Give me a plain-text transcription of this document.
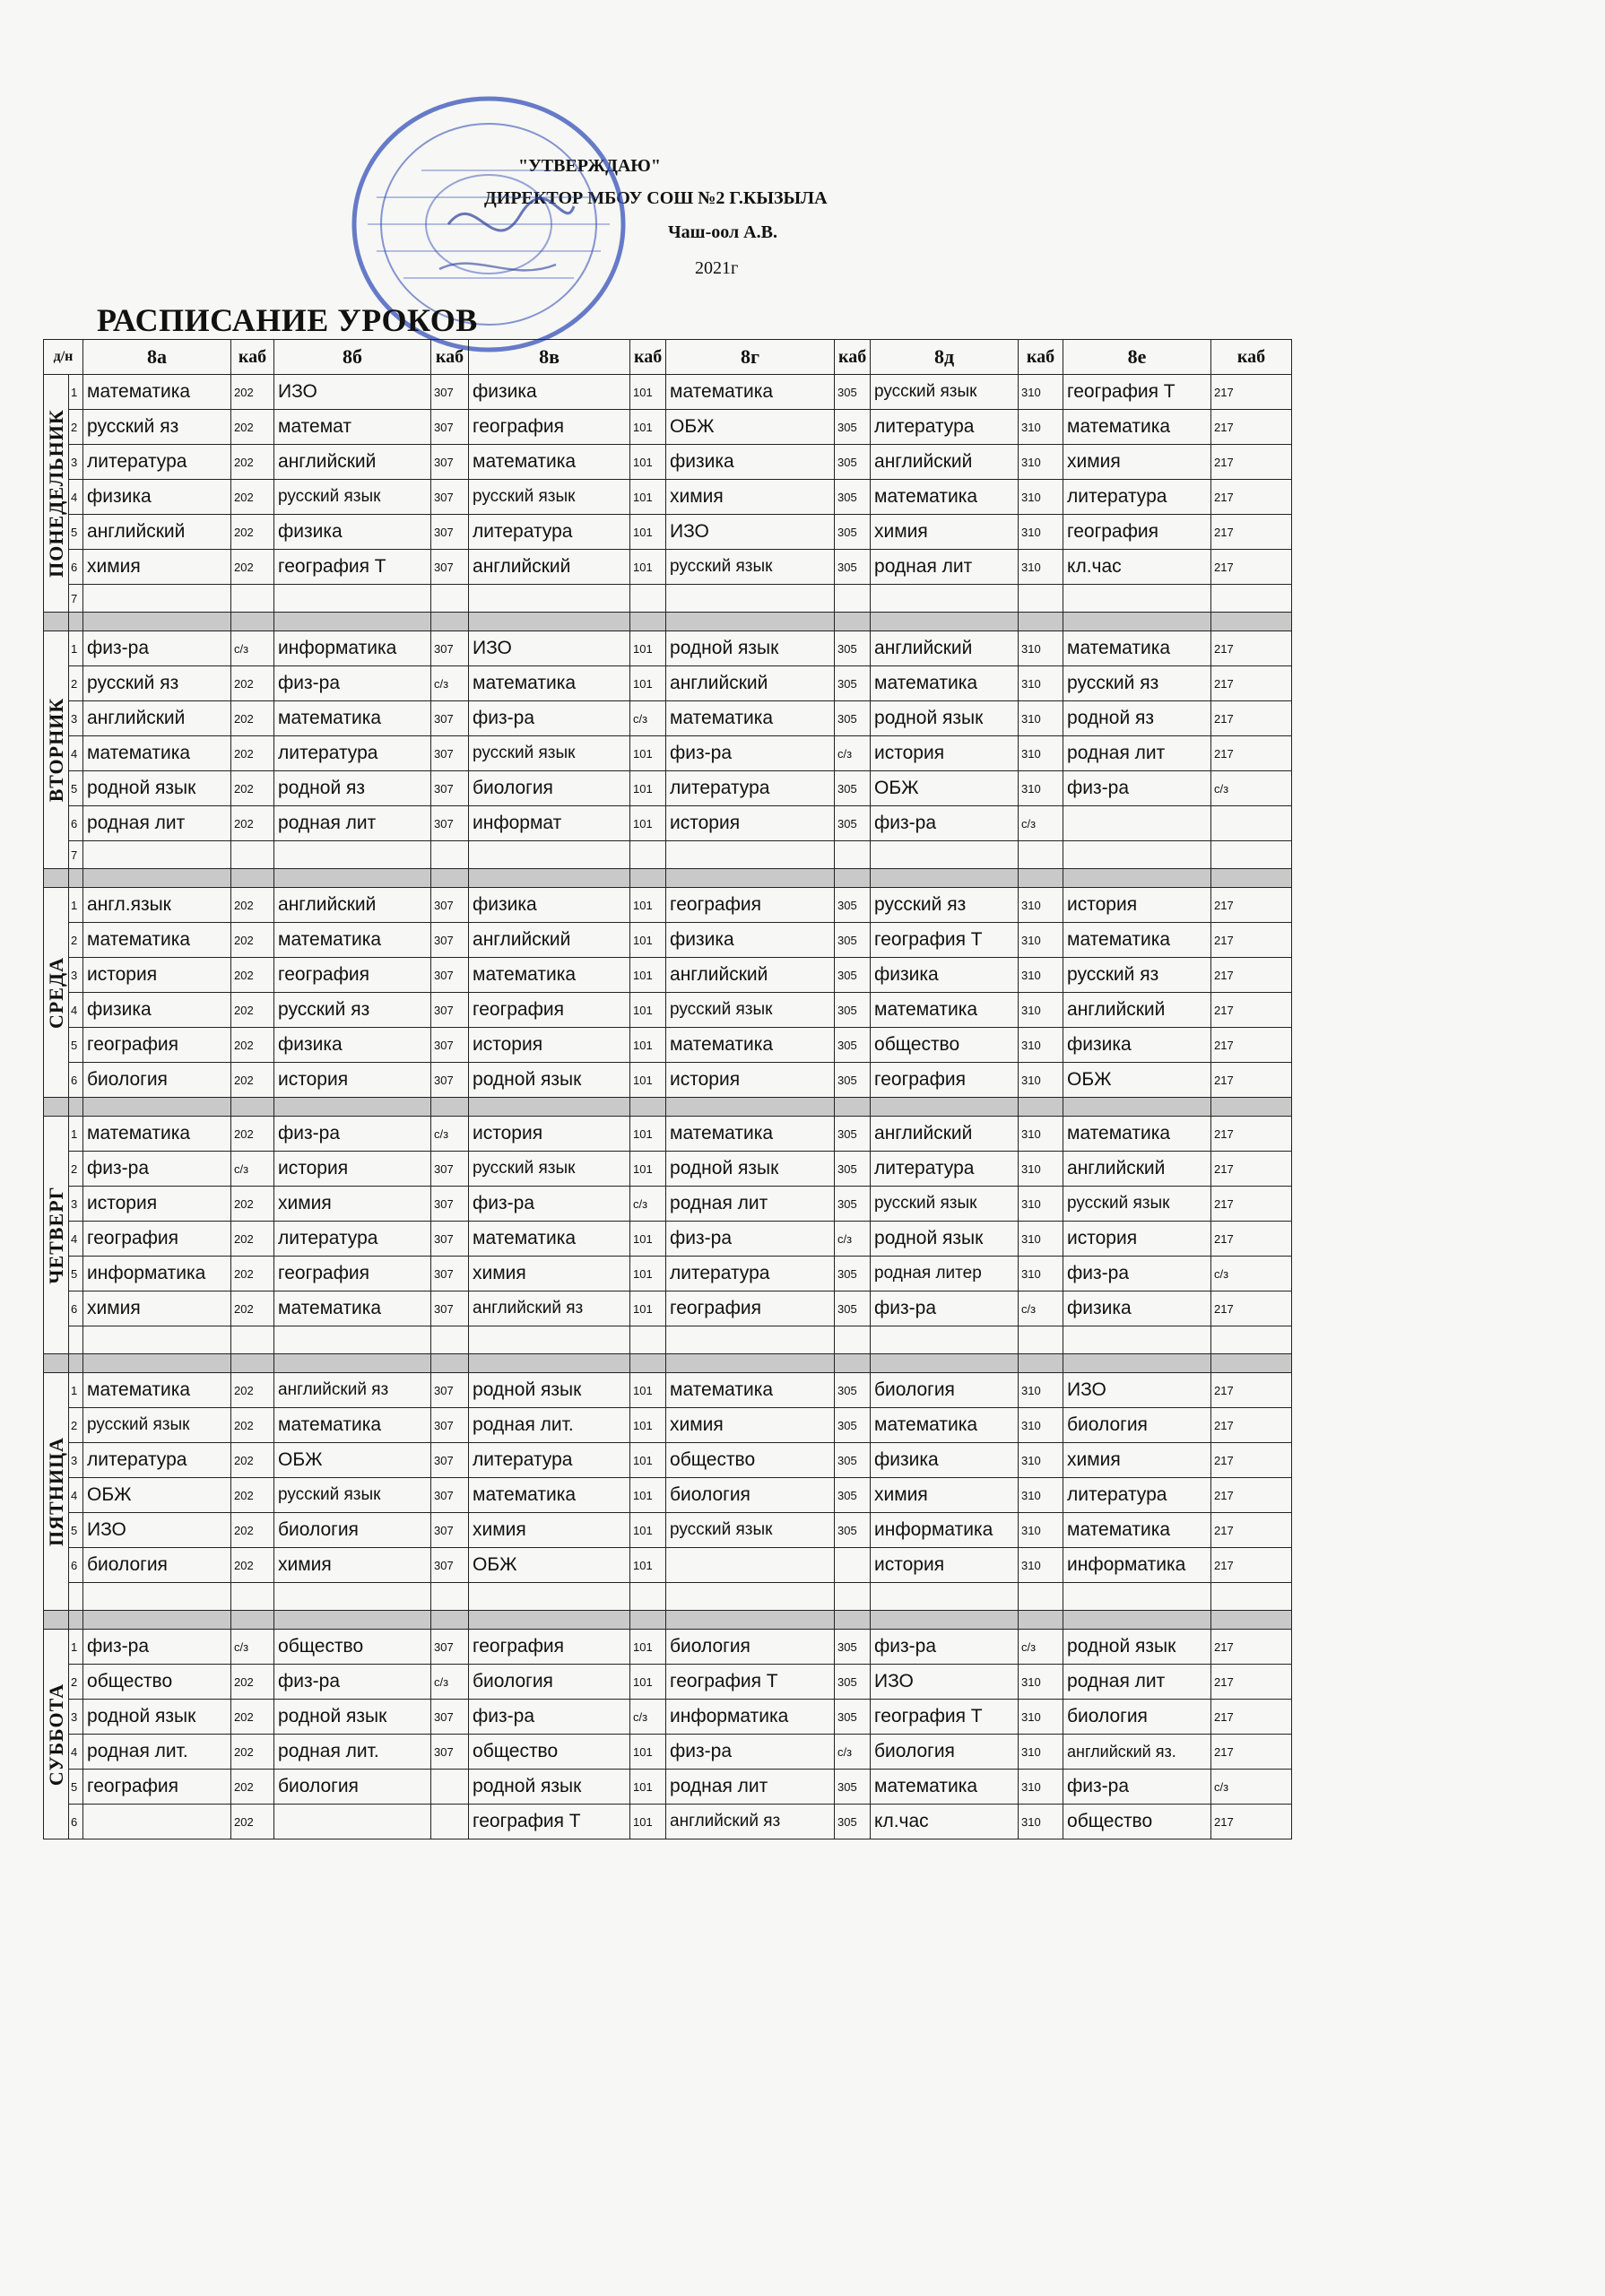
"УТВЕРЖДАЮ"
ДИРЕКТОР МБОУ СОШ №2 Г.КЫЗЫЛА
Чаш-оол А.В.
2021г
РАСПИСАНИЕ УРОКОВ
д/н		8а	каб	8б	каб	8в	каб	8г	каб	8д	каб	8е	каб

ПОНЕДЕЛЬНИК	1	математика	202	ИЗО	307	физика	101	математика	305	русский язык	310	география Т	217
	2	русский яз	202	математ	307	география	101	ОБЖ	305	литература	310	математика	217
	3	литература	202	английский	307	математика	101	физика	305	английский	310	химия	217
	4	физика	202	русский язык	307	русский язык	101	химия	305	математика	310	литература	217
	5	английский	202	физика	307	литература	101	ИЗО	305	химия	310	география	217
	6	химия	202	география Т	307	английский	101	русский язык	305	родная лит	310	кл.час	217
	7												

ВТОРНИК	1	физ-ра	с/з	информатика	307	ИЗО	101	родной язык	305	английский	310	математика	217
	2	русский яз	202	физ-ра	с/з	математика	101	английский	305	математика	310	русский яз	217
	3	английский	202	математика	307	физ-ра	с/з	математика	305	родной язык	310	родной яз	217
	4	математика	202	литература	307	русский язык	101	физ-ра	с/з	история	310	родная лит	217
	5	родной язык	202	родной яз	307	биология	101	литература	305	ОБЖ	310	физ-ра	с/з
	6	родная лит	202	родная лит	307	информат	101	история	305	физ-ра	с/з		
	7												

СРЕДА	1	англ.язык	202	английский	307	физика	101	география	305	русский яз	310	история	217
	2	математика	202	математика	307	английский	101	физика	305	география Т	310	математика	217
	3	история	202	география	307	математика	101	английский	305	физика	310	русский яз	217
	4	физика	202	русский яз	307	география	101	русский язык	305	математика	310	английский	217
	5	география	202	физика	307	история	101	математика	305	общество	310	физика	217
	6	биология	202	история	307	родной язык	101	история	305	география	310	ОБЖ	217

ЧЕТВЕРГ	1	математика	202	физ-ра	с/з	история	101	математика	305	английский	310	математика	217
	2	физ-ра	с/з	история	307	русский язык	101	родной язык	305	литература	310	английский	217
	3	история	202	химия	307	физ-ра	с/з	родная лит	305	русский язык	310	русский язык	217
	4	география	202	литература	307	математика	101	физ-ра	с/з	родной язык	310	история	217
	5	информатика	202	география	307	химия	101	литература	305	родная литер	310	физ-ра	с/з
	6	химия	202	математика	307	английский яз	101	география	305	физ-ра	с/з	физика	217

ПЯТНИЦА	1	математика	202	английский яз	307	родной язык	101	математика	305	биология	310	ИЗО	217
	2	русский язык	202	математика	307	родная лит.	101	химия	305	математика	310	биология	217
	3	литература	202	ОБЖ	307	литература	101	общество	305	физика	310	химия	217
	4	ОБЖ	202	русский язык	307	математика	101	биология	305	химия	310	литература	217
	5	ИЗО	202	биология	307	химия	101	русский язык	305	информатика	310	математика	217
	6	биология	202	химия	307	ОБЖ	101			история	310	информатика	217

СУББОТА	1	физ-ра	с/з	общество	307	география	101	биология	305	физ-ра	с/з	родной язык	217
	2	общество	202	физ-ра	с/з	биология	101	география Т	305	ИЗО	310	родная лит	217
	3	родной язык	202	родной язык	307	физ-ра	с/з	информатика	305	география Т	310	биология	217
	4	родная лит.	202	родная лит.	307	общество	101	физ-ра	с/з	биология	310	английский яз.	217
	5	география	202	биология		родной язык	101	родная лит	305	математика	310	физ-ра	с/з
	6		202			география Т	101	английский яз	305	кл.час	310	общество	217
